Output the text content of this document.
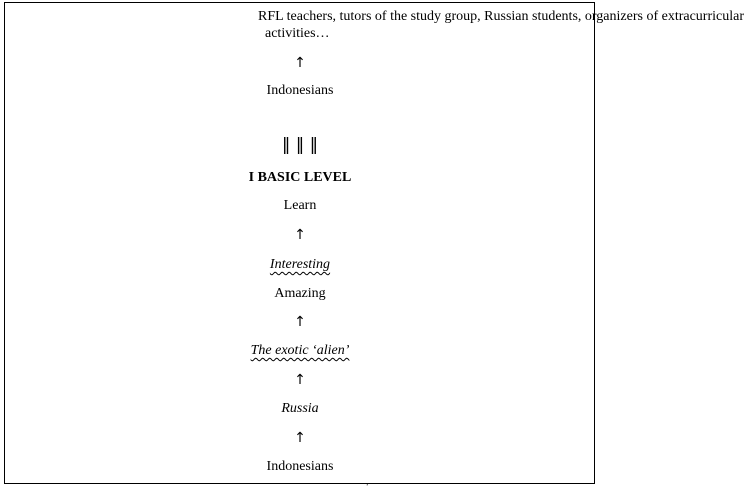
RFL teachers, tutors of the study group, Russian students, organizers of extracurricular
activities…
↑
Indonesians
‖ ‖ ‖
I BASIC LEVEL
Learn
↑
Interesting
Amazing
↑
The exotic ‘alien’
↑
Russia
↑
Indonesians
’
